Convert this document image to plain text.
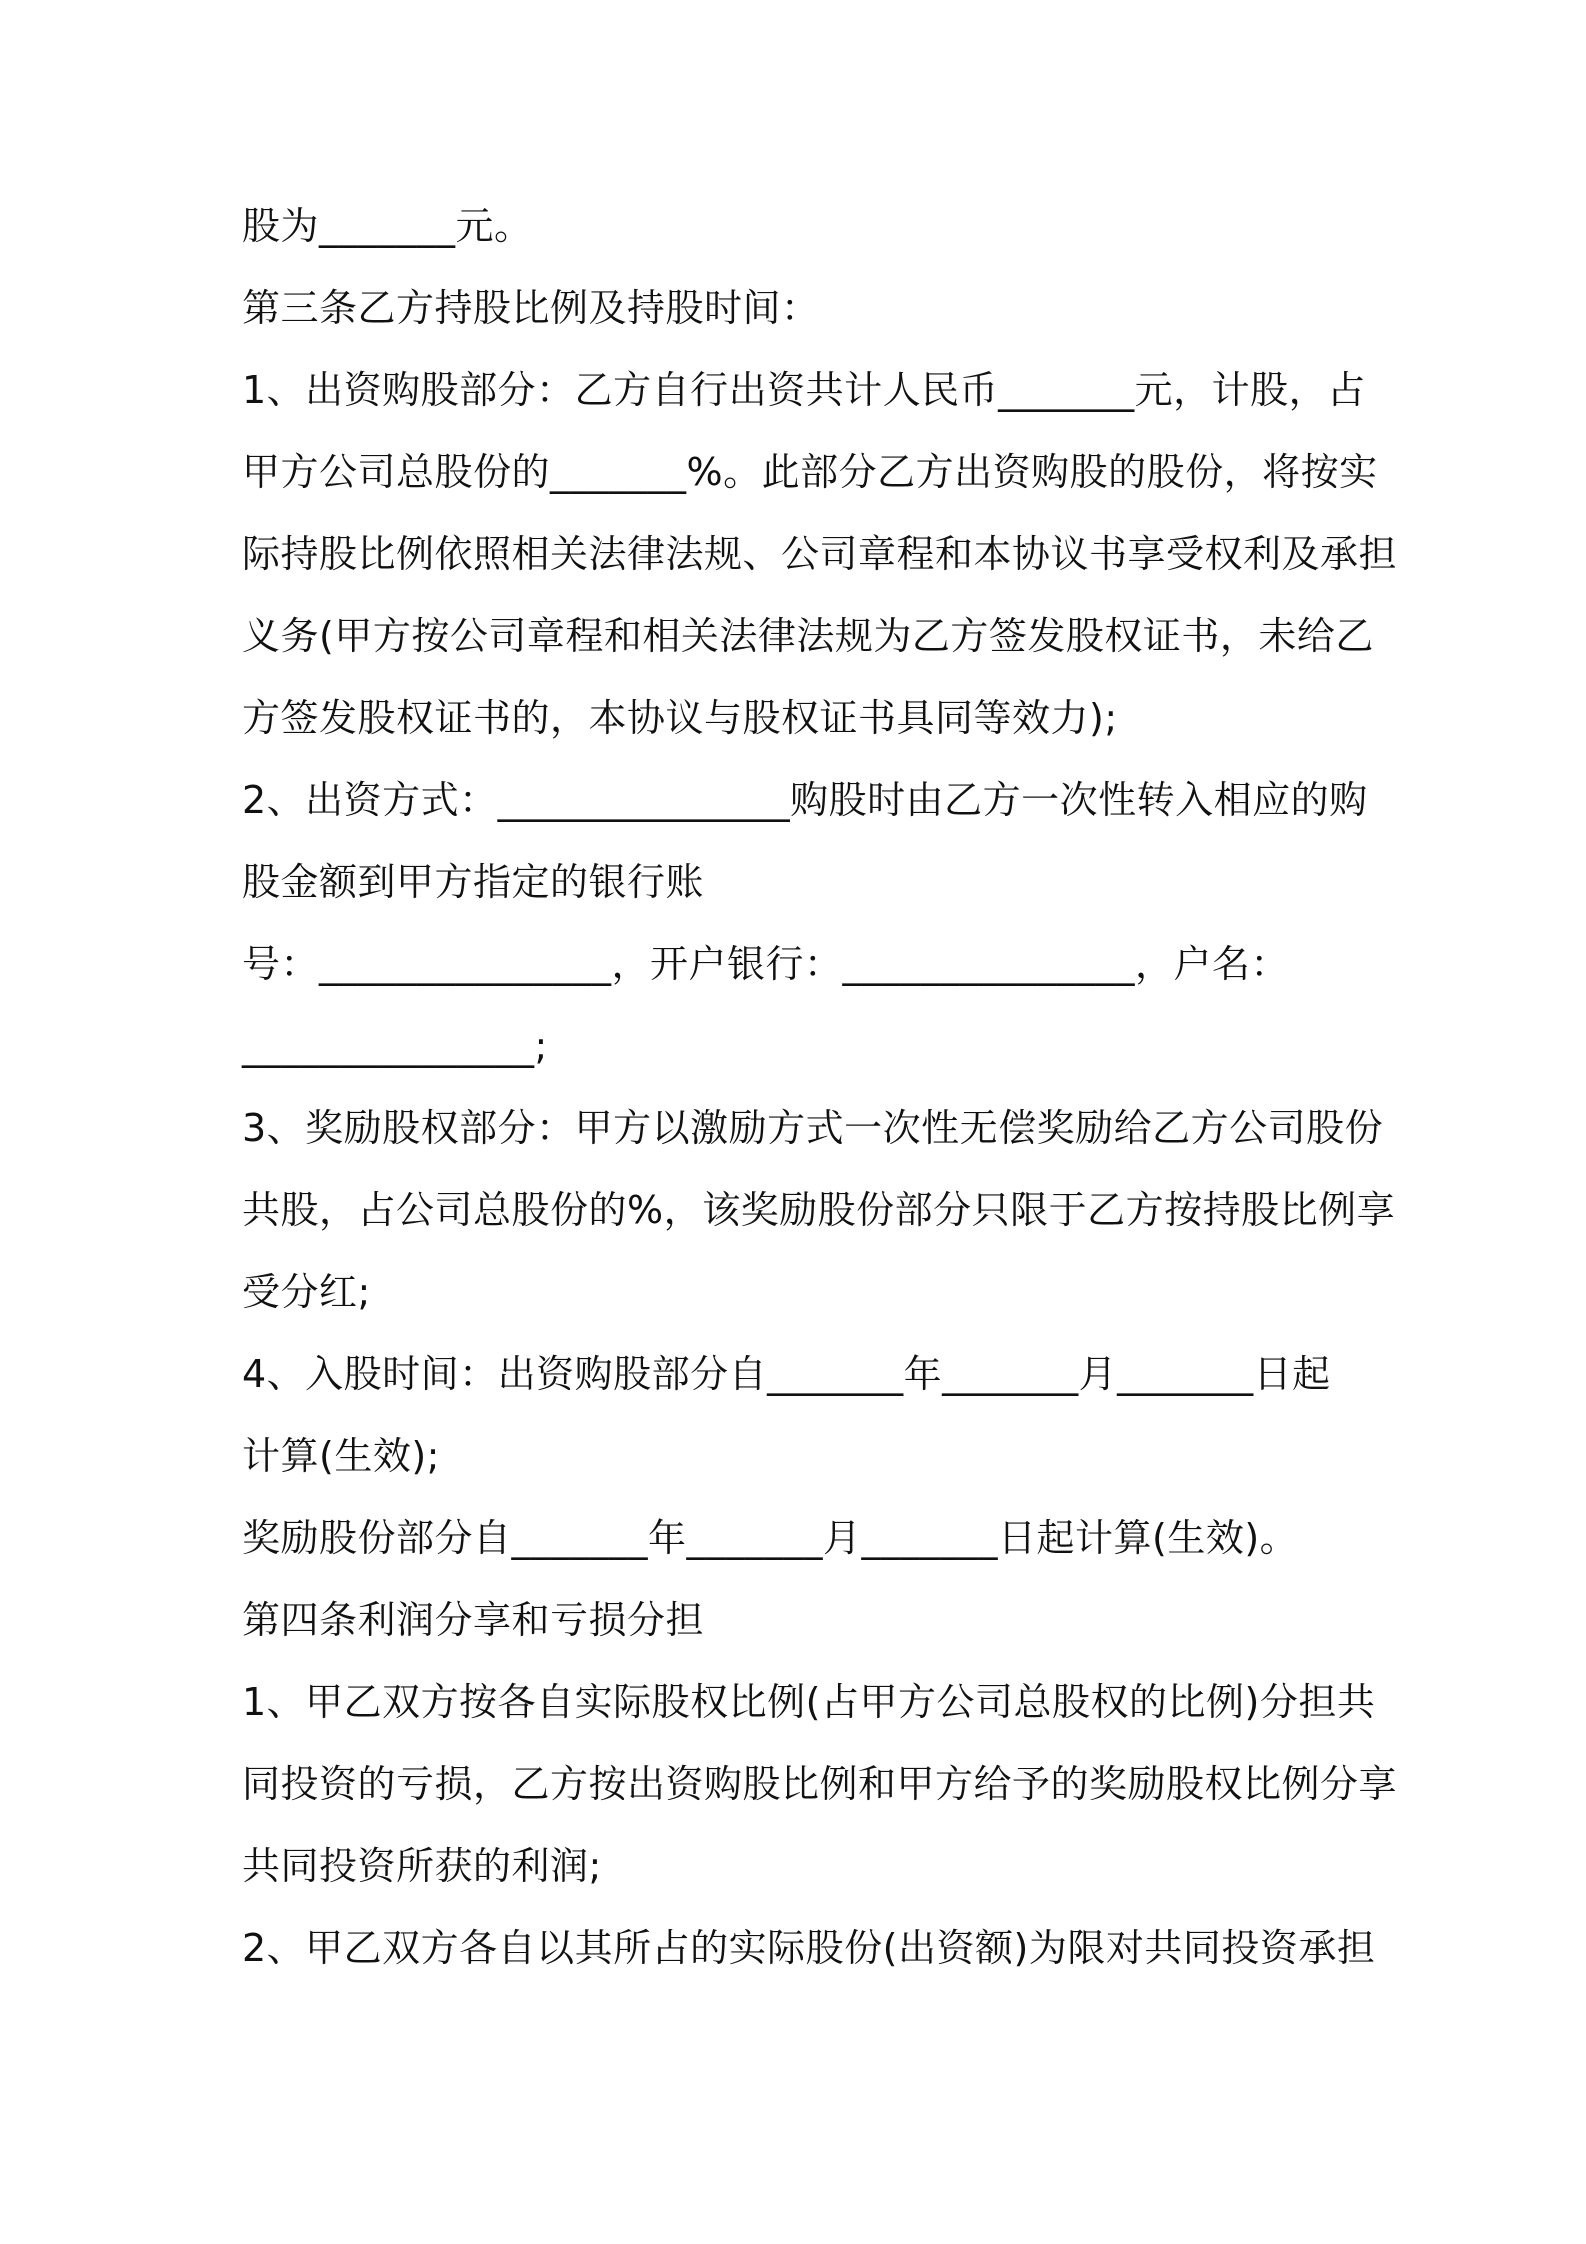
股为_______元。
第三条乙方持股比例及持股时间：
1、出资购股部分：乙方自行出资共计人民币_______元，计股，占
甲方公司总股份的_______%。此部分乙方出资购股的股份，将按实
际持股比例依照相关法律法规、公司章程和本协议书享受权利及承担
义务(甲方按公司章程和相关法律法规为乙方签发股权证书，未给乙
方签发股权证书的，本协议与股权证书具同等效力);
2、出资方式：_______________购股时由乙方一次性转入相应的购
股金额到甲方指定的银行账
号：_______________，开户银行：_______________，户名：
_______________;
3、奖励股权部分：甲方以激励方式一次性无偿奖励给乙方公司股份
共股，占公司总股份的%，该奖励股份部分只限于乙方按持股比例享
受分红;
4、入股时间：出资购股部分自_______年_______月_______日起
计算(生效);
奖励股份部分自_______年_______月_______日起计算(生效)。
第四条利润分享和亏损分担
1、甲乙双方按各自实际股权比例(占甲方公司总股权的比例)分担共
同投资的亏损，乙方按出资购股比例和甲方给予的奖励股权比例分享
共同投资所获的利润;
2、甲乙双方各自以其所占的实际股份(出资额)为限对共同投资承担
